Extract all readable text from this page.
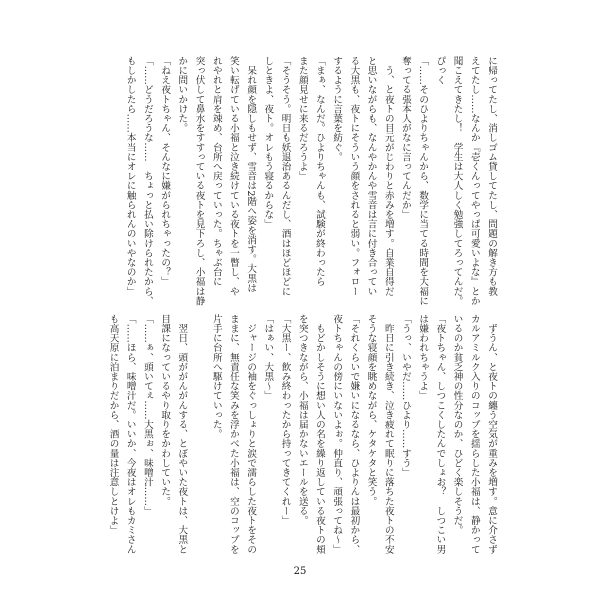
に帰ってたし、消しゴム貸してたし、問題の解き方も教

えてたし……なんか『壱くんってやっぱ可愛いよな』とか

聞こえてきたし！　学生は大人しく勉強してろってんだ。

ぴっく

「……そのひよりちゃんから、数学に当てる時間を大福に

奪ってる張本人がなに言ってんだか」

　う、と夜トの目元がじわりと赤みを増す。自業自得だ

と思いながらも、なんやかんや雪音は言に付き合ってい

る大黒も、夜トにそういう顔をされると弱い。フォロー

するように言葉を紡ぐ。

「まぁ、なんだ。ひよりちゃんも、試験が終わったら

また顔見せに来るだろうよ」

「そうそう。明日も妖退治あるんだし、酒はほどほどに

しときよ、夜ト。オレもう寝るからな」

　呆れ顔を隠しもせず、雪音は2階へ姿を消す。大黒は

笑い転げている小福と泣き続けている夜トを一瞥し、や

れやれと肩を竦め、台所へ戻っていった。ちゃぶ台に

突っ伏して鼻水をすすっている夜トを見下ろし、小福は静

かに問いかけた。

「ねえ夜トちゃん、そんなに嫌がられちゃったの？」

「……どうだろうな……　ちょっと払い除けられたから、

もしかしたら……本当にオレに触られんのいやなのか」

　ずうん、と夜トの纏う空気が重みを増す。意に介さず

カルアミルク入りのコップを揺らした小福は、静かって

いるのか貧乏神の性分なのか、ひどく楽しそうだ。

「夜トちゃん、しつこくしたんでしょお？　しつこい男

は嫌われちゃうよ」

「うっ、いやだ……ひより……すう」

　昨日に引き続き、泣き疲れて眠りに落ちた夜トの不安

そうな寝顔を眺めながら、ケタケタと笑う。

「それくらいで嫌いになるなら、ひよりんは最初から、

夜トちゃんの傍にいないよぉ。仲直り、頑張ってね～」

　もどかしそうに想い人の名を繰り返している夜トの頬

を突つきながら、小福は届かないエールを送る。

「大黒ー、飲み終わったから持ってきてくれー」

「はぁい、大黒～」

　ジャージの袖をぐっしょりと涙で濡らした夜トをその

ままに、無責任な笑みを浮かべた小福は、空のコップを

片手に台所へ駆けていった。

　翌日、頭ががんがんする、とぼやいた夜トは、大黒と

目課になっているやり取りをかわしていた。

「……ぁ、頭いてぇ……大黒ぉ、味噌汁……」

「……ほら、味噌汁だ。いいか、今夜はオレもカミさん

も高天原に泊まりだから、酒の量は注意しとけよ」

25
